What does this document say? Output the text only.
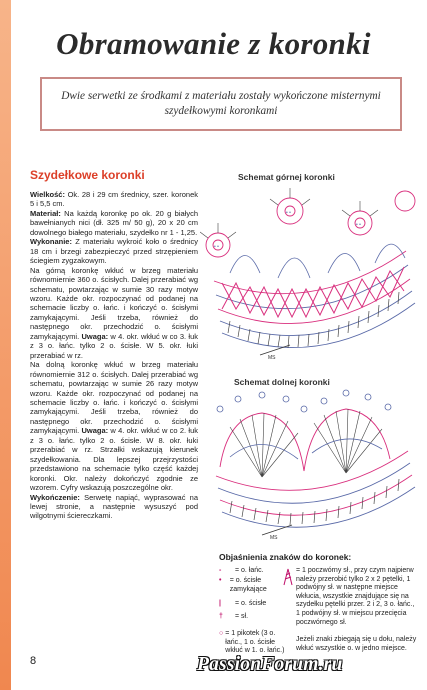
Obramowanie z koronki

Dwie serwetki ze środkami z materiału zostały wykończone misternymi szydełkowymi koronkami

Szydełkowe koronki

Wielkość: Ok. 28 i 29 cm średnicy, szer. koronek 5 i 5,5 cm.

Materiał: Na każdą koronkę po ok. 20 g białych bawełnianych nici (dł. 325 m/ 50 g), 20 x 20 cm dowolnego białego materiału, szydełko nr 1 - 1,25.

Wykonanie: Z materiału wykroić koło o średnicy 18 cm i brzegi zabezpieczyć przed strzępieniem ściegiem zygzakowym.

Na górną koronkę wkłuć w brzeg materiału równomiernie 360 o. ścisłych. Dalej przerabiać wg schematu, powtarzając w sumie 30 razy motyw wzoru. Każde okr. rozpoczynać od podanej na schemacie liczby o. łańc. i kończyć o. ścisłymi zamykającymi. Jeśli trzeba, również do następnego okr. przechodzić o. ścisłymi zamykającymi. Uwaga: w 4. okr. wkłuć w co 3. łuk z 3 o. łańc. tylko 2 o. ścisłe. W 5. okr. łuki przerabiać w rz.

Na dolną koronkę wkłuć w brzeg materiału równomiernie 312 o. ścisłych. Dalej przerabiać wg schematu, powtarzając w sumie 26 razy motyw wzoru. Każde okr. rozpoczynać od podanej na schemacie liczby o. łańc. i kończyć o. ścisłymi zamykającymi. Jeśli trzeba, również do następnego okr. przechodzić o. ścisłymi zamykającymi. Uwaga: w 4. okr. wkłuć w co 2. łuk z 3 o. łańc. tylko 2 o. ścisłe. W 8. okr. łuki przerabiać w rz. Strzałki wskazują kierunek szydełkowania. Dla lepszej przejrzystości przedstawiono na schemacie tylko część każdej koronki. Okr. należy dokończyć zgodnie ze wzorem. Cyfry wskazują poszczególne okr.

Wykończenie: Serwetę napiąć, wyprasować na lewej stronie, a następnie wysuszyć pod wilgotnymi ściereczkami.

8
Schemat górnej koronki
Schemat dolnej koronki
• •
• •
• •
MS
MS
Objaśnienia znaków do koronek:
-	= o. łańc.
•	= o. ścisłe zamykające
|	= o. ścisłe
†	= sł.
○ = 1 pikotek (3 o. łańc., 1 o. ścisłe wkłuć w 1. o. łańc.)
= 1 poczwórny sł., przy czym najpierw należy przerobić tylko 2 x 2 pętelki, 1 podwójny sł. w następne miejsce wkłucia, wszystkie znajdujące się na szydełku pętelki przer. 2 i 2, 3 o. łańc., 1 podwójny sł. w miejscu przecięcia poczwórnego sł.
Jeżeli znaki zbiegają się u dołu, należy wkłuć wszystkie o. w jedno miejsce.
PassionForum.ru
